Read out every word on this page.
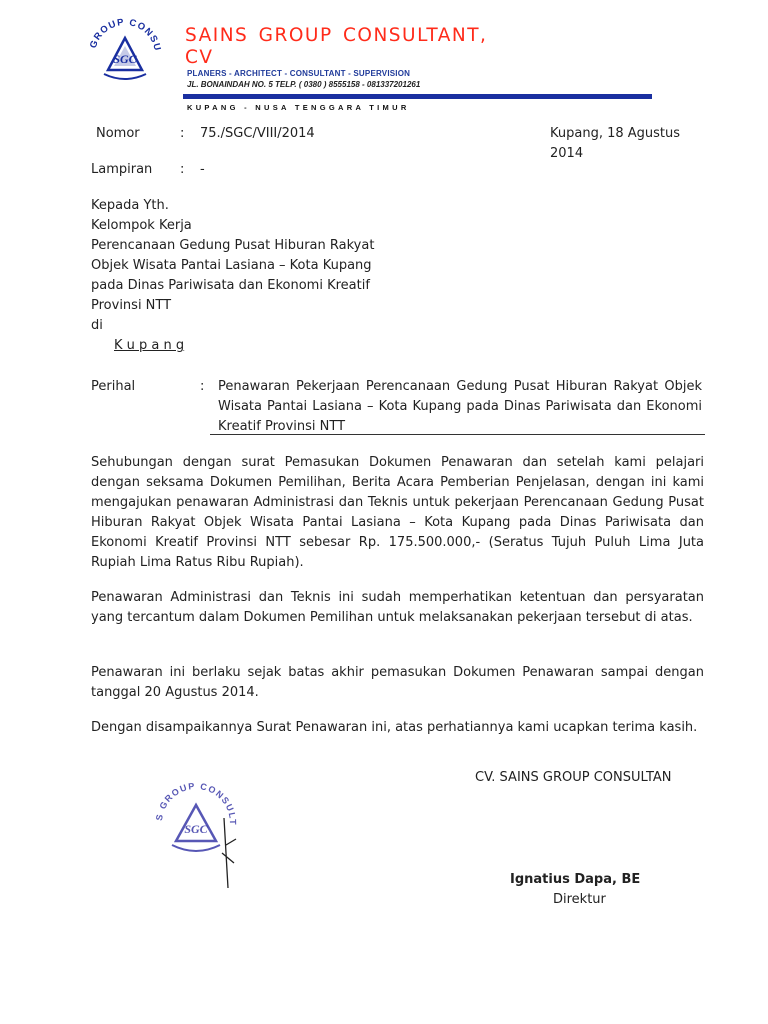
GROUP CONSU
SGC
SAINS GROUP CONSULTANT, CV
PLANERS - ARCHITECT - CONSULTANT - SUPERVISION
JL. BONAINDAH NO. 5 TELP. ( 0380 ) 8555158 - 081337201261
KUPANG - NUSA TENGGARA TIMUR
Nomor	: 75./SGC/VIII/2014	Kupang, 18 Agustus 2014
Lampiran : -
Kepada Yth.
Kelompok Kerja
Perencanaan Gedung Pusat Hiburan Rakyat
Objek Wisata Pantai Lasiana – Kota Kupang
pada Dinas Pariwisata dan Ekonomi Kreatif
Provinsi NTT
di
K u p a n g
Perihal	: Penawaran Pekerjaan Perencanaan Gedung Pusat Hiburan Rakyat Objek Wisata Pantai Lasiana – Kota Kupang pada Dinas Pariwisata dan Ekonomi Kreatif Provinsi NTT
Sehubungan dengan surat Pemasukan Dokumen Penawaran dan setelah kami pelajari dengan seksama Dokumen Pemilihan, Berita Acara Pemberian Penjelasan, dengan ini kami mengajukan penawaran Administrasi dan Teknis untuk pekerjaan Perencanaan Gedung Pusat Hiburan Rakyat Objek Wisata Pantai Lasiana – Kota Kupang pada Dinas Pariwisata dan Ekonomi Kreatif Provinsi NTT sebesar Rp. 175.500.000,- (Seratus Tujuh Puluh Lima Juta Rupiah Lima Ratus Ribu Rupiah).
Penawaran Administrasi dan Teknis ini sudah memperhatikan ketentuan dan persyaratan yang tercantum dalam Dokumen Pemilihan untuk melaksanakan pekerjaan tersebut di atas.
Penawaran ini berlaku sejak batas akhir pemasukan Dokumen Penawaran sampai dengan tanggal 20 Agustus 2014.
Dengan disampaikannya Surat Penawaran ini, atas perhatiannya kami ucapkan terima kasih.
CV. SAINS GROUP CONSULTAN
S GROUP CONSULT
SGC
Ignatius Dapa, BE
Direktur
